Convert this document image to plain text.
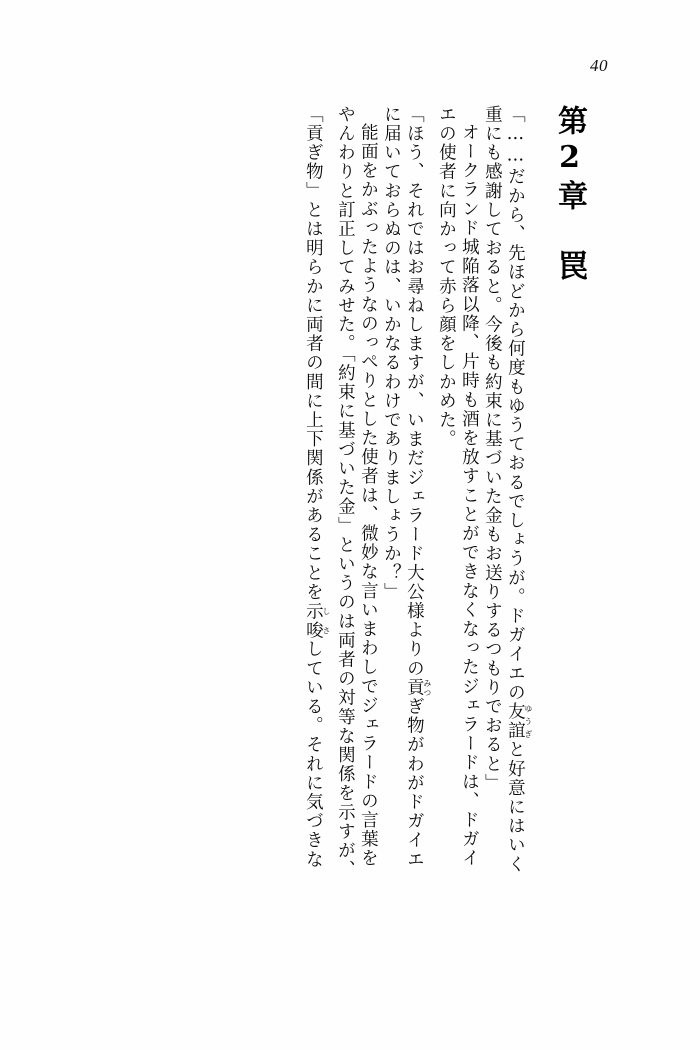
40
第2章　罠
「……だから、先ほどから何度もゆうておるでしょうが。ドガイエの友誼ゆうぎと好意にはいく
重にも感謝しておると。今後も約束に基づいた金もお送りするつもりでおると」
オークランド城陥落以降、片時も酒を放すことができなくなったジェラードは、ドガイ
エの使者に向かって赤ら顔をしかめた。
「ほう、それではお尋ねしますが、いまだジェラード大公様よりの貢みつぎ物がわがドガイエ
に届いておらぬのは、いかなるわけでありましょうか？」
能面をかぶったようなのっぺりとした使者は、微妙な言いまわしでジェラードの言葉を
やんわりと訂正してみせた。「約束に基づいた金」というのは両者の対等な関係を示すが、
「貢ぎ物」とは明らかに両者の間に上下関係があることを示唆しさしている。それに気づきな
